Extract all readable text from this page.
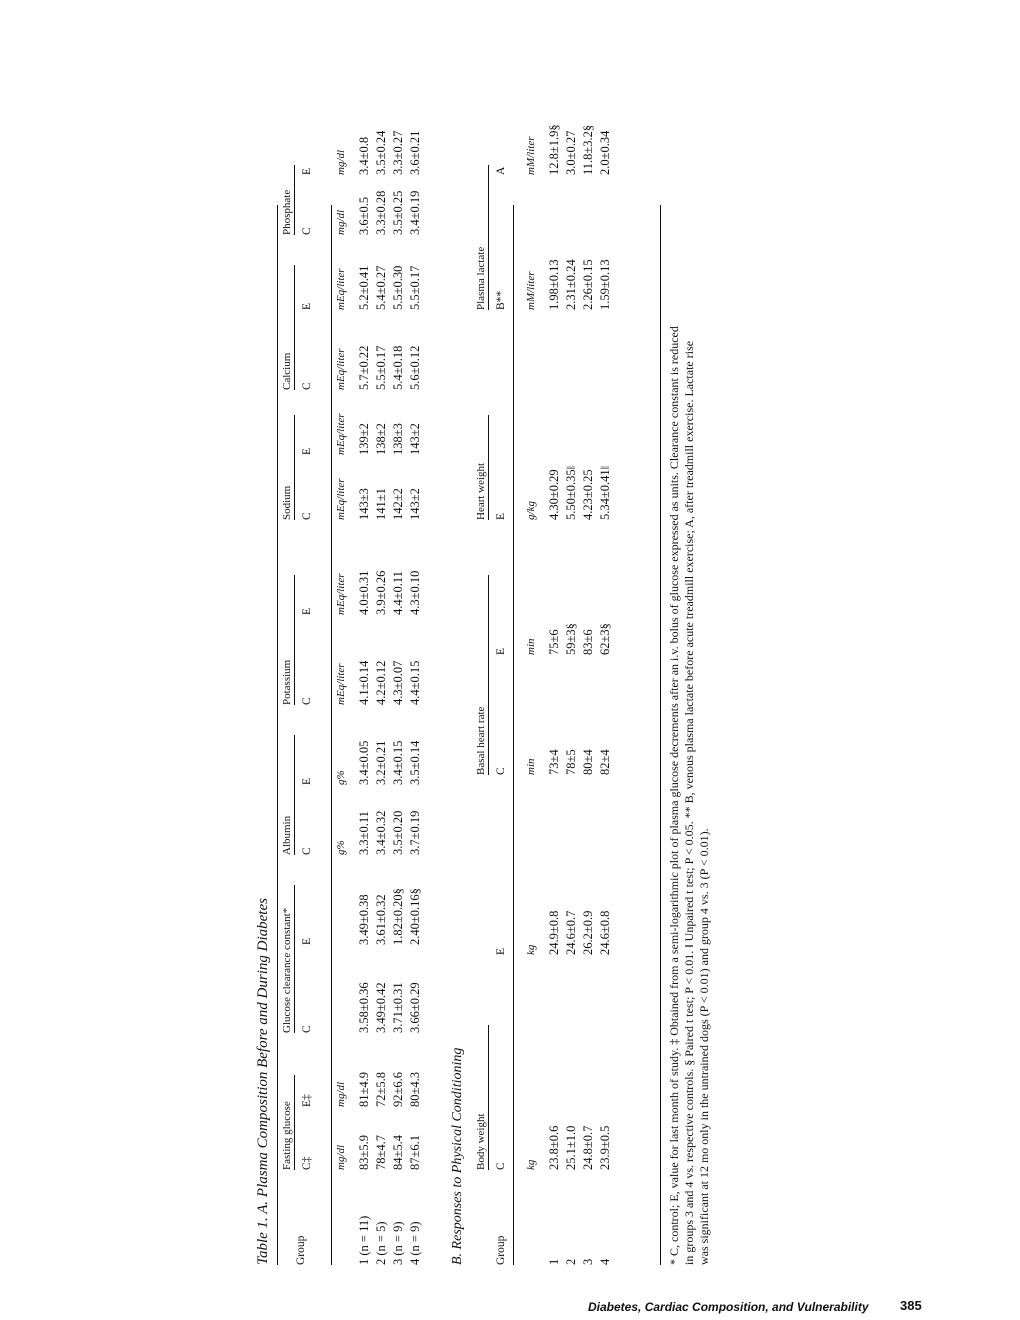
Table 1. A. Plasma Composition Before and During Diabetes Group
Fasting glucose
Glucose clearance constant*
Albumin
Potassium
Sodium
Calcium
Phosphate
C‡
E‡
C
E
C
E
C
E
C
E
C
E
C
E
mg/dl
mg/dl
g%
g%
mEq/liter
mEq/liter
mEq/liter
mEq/liter
mEq/liter
mEq/liter
mg/dl
mg/dl
1 (n = 11)
83±5.9
81±4.9
3.58±0.36
3.49±0.38
3.3±0.11
3.4±0.05
4.1±0.14
4.0±0.31
143±3
139±2
5.7±0.22
5.2±0.41
3.6±0.5
3.4±0.8
2 (n = 5)
78±4.7
72±5.8
3.49±0.42
3.61±0.32
3.4±0.32
3.2±0.21
4.2±0.12
3.9±0.26
141±1
138±2
5.5±0.17
5.4±0.27
3.3±0.28
3.5±0.24
3 (n = 9)
84±5.4
92±6.6
3.71±0.31
1.82±0.20§
3.5±0.20
3.4±0.15
4.3±0.07
4.4±0.11
142±2
138±3
5.4±0.18
5.5±0.30
3.5±0.25
3.3±0.27
4 (n = 9)
87±6.1
80±4.3
3.66±0.29
2.40±0.16§
3.7±0.19
3.5±0.14
4.4±0.15
4.3±0.10
143±2
143±2
5.6±0.12
5.5±0.17
3.4±0.19
3.6±0.21
B. Responses to Physical Conditioning	Group
Body weight
Basal heart rate
Heart weight
Plasma lactate
C
E
C
E
E
B**
A
kg
kg
min
min
g/kg
mM/liter
mM/liter
1
23.8±0.6
24.9±0.8
73±4
75±6
4.30±0.29
1.98±0.13
12.8±1.9§
2
25.1±1.0
24.6±0.7
78±5
59±3§
5.50±0.35‖
2.31±0.24
3.0±0.27
3
24.8±0.7
26.2±0.9
80±4
83±6
4.23±0.25
2.26±0.15
11.8±3.2§
4
23.9±0.5
24.6±0.8
82±4
62±3§
5.34±0.41‖
1.59±0.13
2.0±0.34
* C, control; E, value for last month of study. ‡ Obtained from a semi-logarithmic plot of plasma glucose decrements after an i.v. bolus of glucose expressed as units. Clearance constant is reduced in groups 3 and 4 vs. respective controls. § Paired t test; P < 0.01. ‖ Unpaired t test; P < 0.05. ** B, venous plasma lactate before acute treadmill exercise; A, after treadmill exercise. Lactate rise was significant at 12 mo only in the untrained dogs (P < 0.01) and group 4 vs. 3 (P < 0.01).
Diabetes, Cardiac Composition, and Vulnerability 385
